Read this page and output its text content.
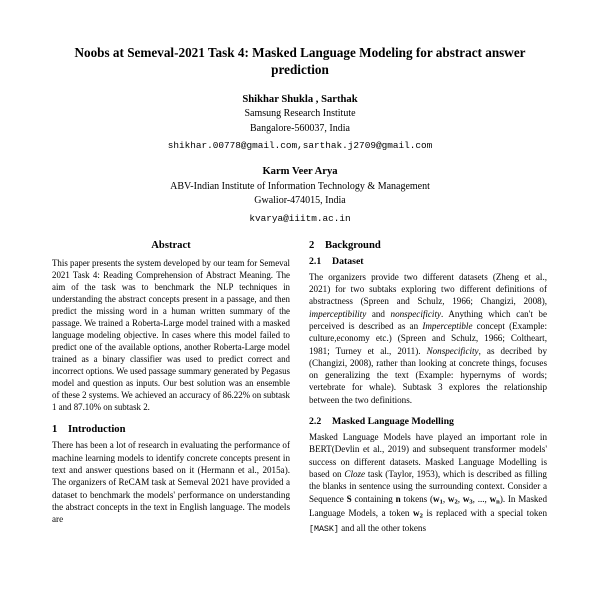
Noobs at Semeval-2021 Task 4: Masked Language Modeling for abstract answer prediction
Shikhar Shukla , Sarthak
Samsung Research Institute
Bangalore-560037, India
shikhar.00778@gmail.com,sarthak.j2709@gmail.com
Karm Veer Arya
ABV-Indian Institute of Information Technology & Management
Gwalior-474015, India
kvarya@iiitm.ac.in
Abstract

This paper presents the system developed by our team for Semeval 2021 Task 4: Reading Comprehension of Abstract Meaning. The aim of the task was to benchmark the NLP techniques in understanding the abstract concepts present in a passage, and then predict the missing word in a human written summary of the passage. We trained a Roberta-Large model trained with a masked language modeling objective. In cases where this model failed to predict one of the available options, another Roberta-Large model trained as a binary classifier was used to predict correct and incorrect options. We used passage summary generated by Pegasus model and question as inputs. Our best solution was an ensemble of these 2 systems. We achieved an accuracy of 86.22% on subtask 1 and 87.10% on subtask 2.

1	Introduction

There has been a lot of research in evaluating the performance of machine learning models to identify concrete concepts present in text and answer questions based on it (Hermann et al., 2015a). The organizers of ReCAM task at Semeval 2021 have provided a dataset to benchmark the models' performance on understanding the abstract concepts in the text in English language. The models are

2	Background
2.1	Dataset

The organizers provide two different datasets (Zheng et al., 2021) for two subtaks exploring two different definitions of abstractness (Spreen and Schulz, 1966; Changizi, 2008), imperceptibility and nonspecificity. Anything which can't be perceived is described as an Imperceptible concept (Example: culture,economy etc.) (Spreen and Schulz, 1966; Coltheart, 1981; Turney et al., 2011). Nonspecificity, as decribed by (Changizi, 2008), rather than looking at concrete things, focuses on generalizing the text (Example: hypernyms of words; vertebrate for whale). Subtask 3 explores the relationship between the two definitions.

2.2	Masked Language Modelling

Masked Language Models have played an important role in BERT(Devlin et al., 2019) and subsequent transformer models' success on different datasets. Masked Language Modelling is based on Cloze task (Taylor, 1953), which is described as filling the blanks in sentence using the surrounding context. Consider a Sequence S containing n tokens ($w_1$, $w_2$, $w_3$, ..., $w_n$). In Masked Language Models, a token $w_2$ is replaced with a special token [MASK] and all the other tokens
